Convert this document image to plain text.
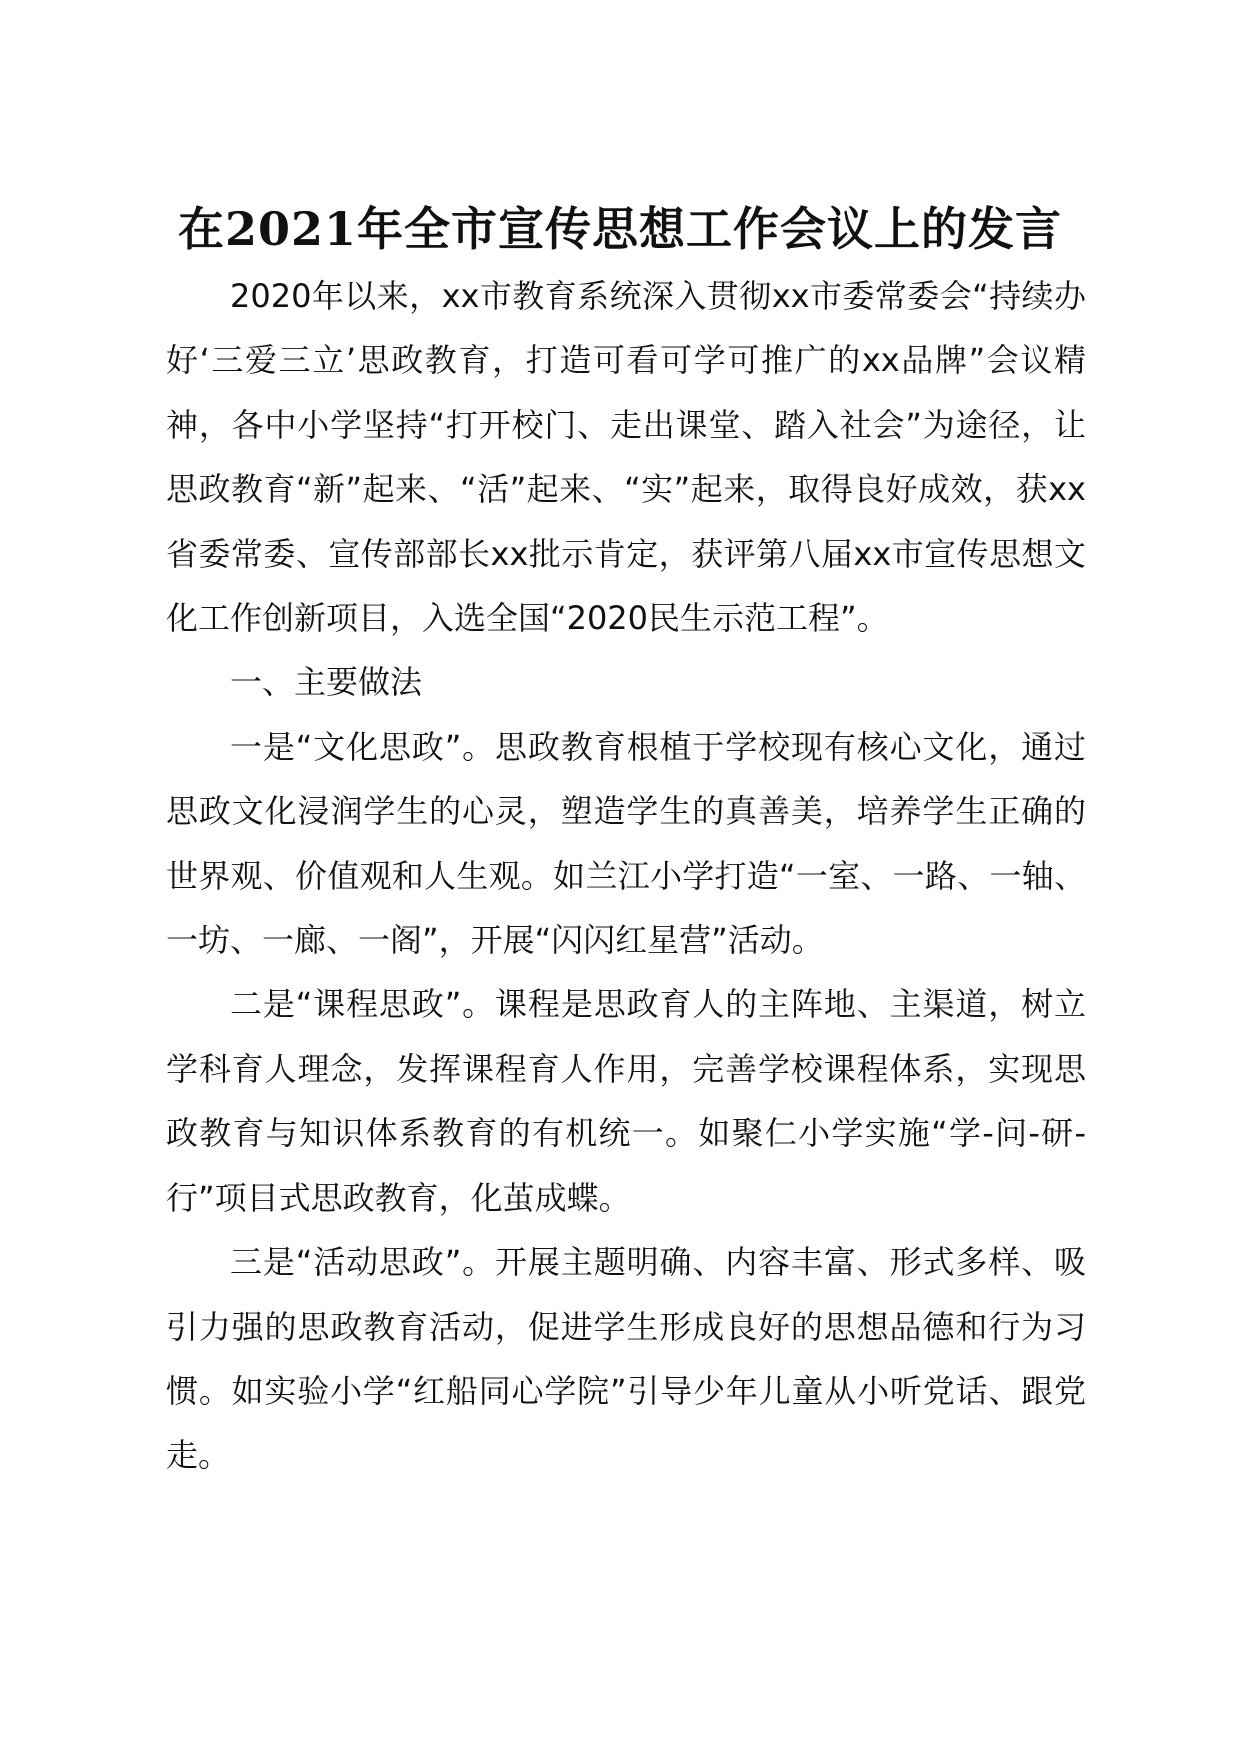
在2021年全市宣传思想工作会议上的发言

2020年以来，xx市教育系统深入贯彻xx市委常委会“持续办好‘三爱三立’思政教育，打造可看可学可推广的xx品牌”会议精神，各中小学坚持“打开校门、走出课堂、踏入社会”为途径，让思政教育“新”起来、“活”起来、“实”起来，取得良好成效，获xx省委常委、宣传部部长xx批示肯定，获评第八届xx市宣传思想文化工作创新项目，入选全国“2020民生示范工程”。

一、主要做法

一是“文化思政”。思政教育根植于学校现有核心文化，通过思政文化浸润学生的心灵，塑造学生的真善美，培养学生正确的世界观、价值观和人生观。如兰江小学打造“一室、一路、一轴、一坊、一廊、一阁”，开展“闪闪红星营”活动。

二是“课程思政”。课程是思政育人的主阵地、主渠道，树立学科育人理念，发挥课程育人作用，完善学校课程体系，实现思政教育与知识体系教育的有机统一。如聚仁小学实施“学-问-研-行”项目式思政教育，化茧成蝶。

三是“活动思政”。开展主题明确、内容丰富、形式多样、吸引力强的思政教育活动，促进学生形成良好的思想品德和行为习惯。如实验小学“红船同心学院”引导少年儿童从小听党话、跟党走。
